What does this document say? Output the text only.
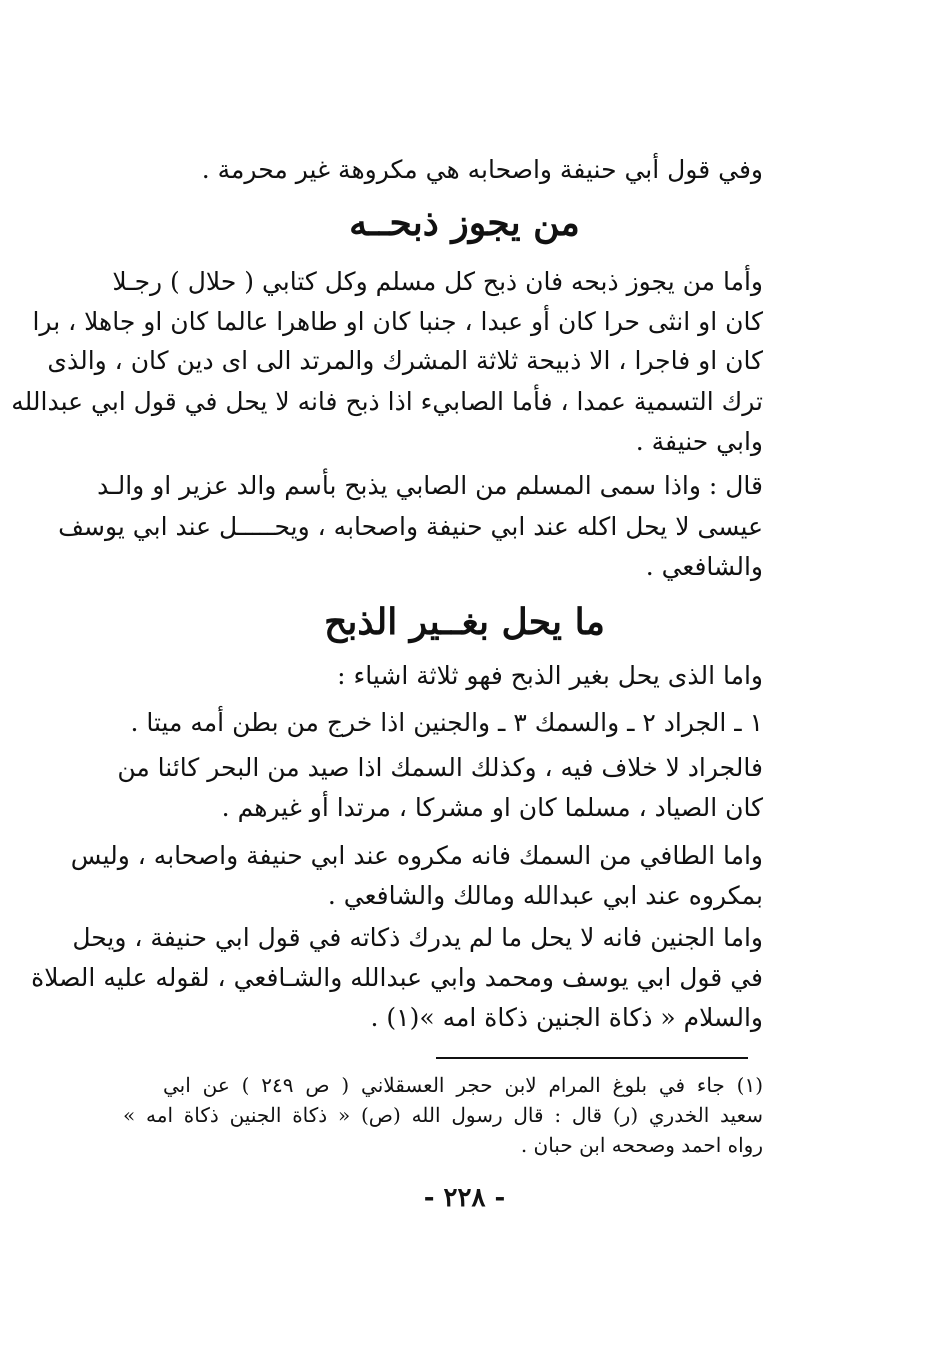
وفي قول أبي حنيفة واصحابه هي مكروهة غير محرمة .
من يجوز ذبحــه
وأما من يجوز ذبحه فان ذبح كل مسلم وكل كتابي ( حلال ) رجـلا
كان او انثى حرا كان أو عبدا ، جنبا كان او طاهرا عالما كان او جاهلا ، برا
كان او فاجرا ، الا ذبيحة ثلاثة المشرك والمرتد الى اى دين كان ، والذى
ترك التسمية عمدا ، فأما الصابيء اذا ذبح فانه لا يحل في قول ابي عبدالله
وابي حنيفة .
قال : واذا سمى المسلم من الصابي يذبح بأسم والد عزير او والـد
عيسى لا يحل اكله عند ابي حنيفة واصحابه ، ويحـــــل عند ابي يوسف
والشافعي .
ما يحل بغــير الذبح
واما الذى يحل بغير الذبح فهو ثلاثة اشياء :
١ ـ الجراد ٢ ـ والسمك ٣ ـ والجنين اذا خرج من بطن أمه ميتا .
فالجراد لا خلاف فيه ، وكذلك السمك اذا صيد من البحر كائنا من
كان الصياد ، مسلما كان او مشركا ، مرتدا أو غيرهم .
واما الطافي من السمك فانه مكروه عند ابي حنيفة واصحابه ، وليس
بمكروه عند ابي عبدالله ومالك والشافعي .
واما الجنين فانه لا يحل ما لم يدرك ذكاته في قول ابي حنيفة ، ويحل
في قول ابي يوسف ومحمد وابي عبدالله والشـافعي ، لقوله عليه الصلاة
والسلام « ذكاة الجنين ذكاة امه »(١) .
(١) جاء في بلوغ المرام لابن حجر العسقلاني ( ص ٢٤٩ ) عن ابي
سعيد الخدري (ر) قال : قال رسول الله (ص) « ذكاة الجنين ذكاة امه »
رواه احمد وصححه ابن حبان .
- ٢٢٨ -
